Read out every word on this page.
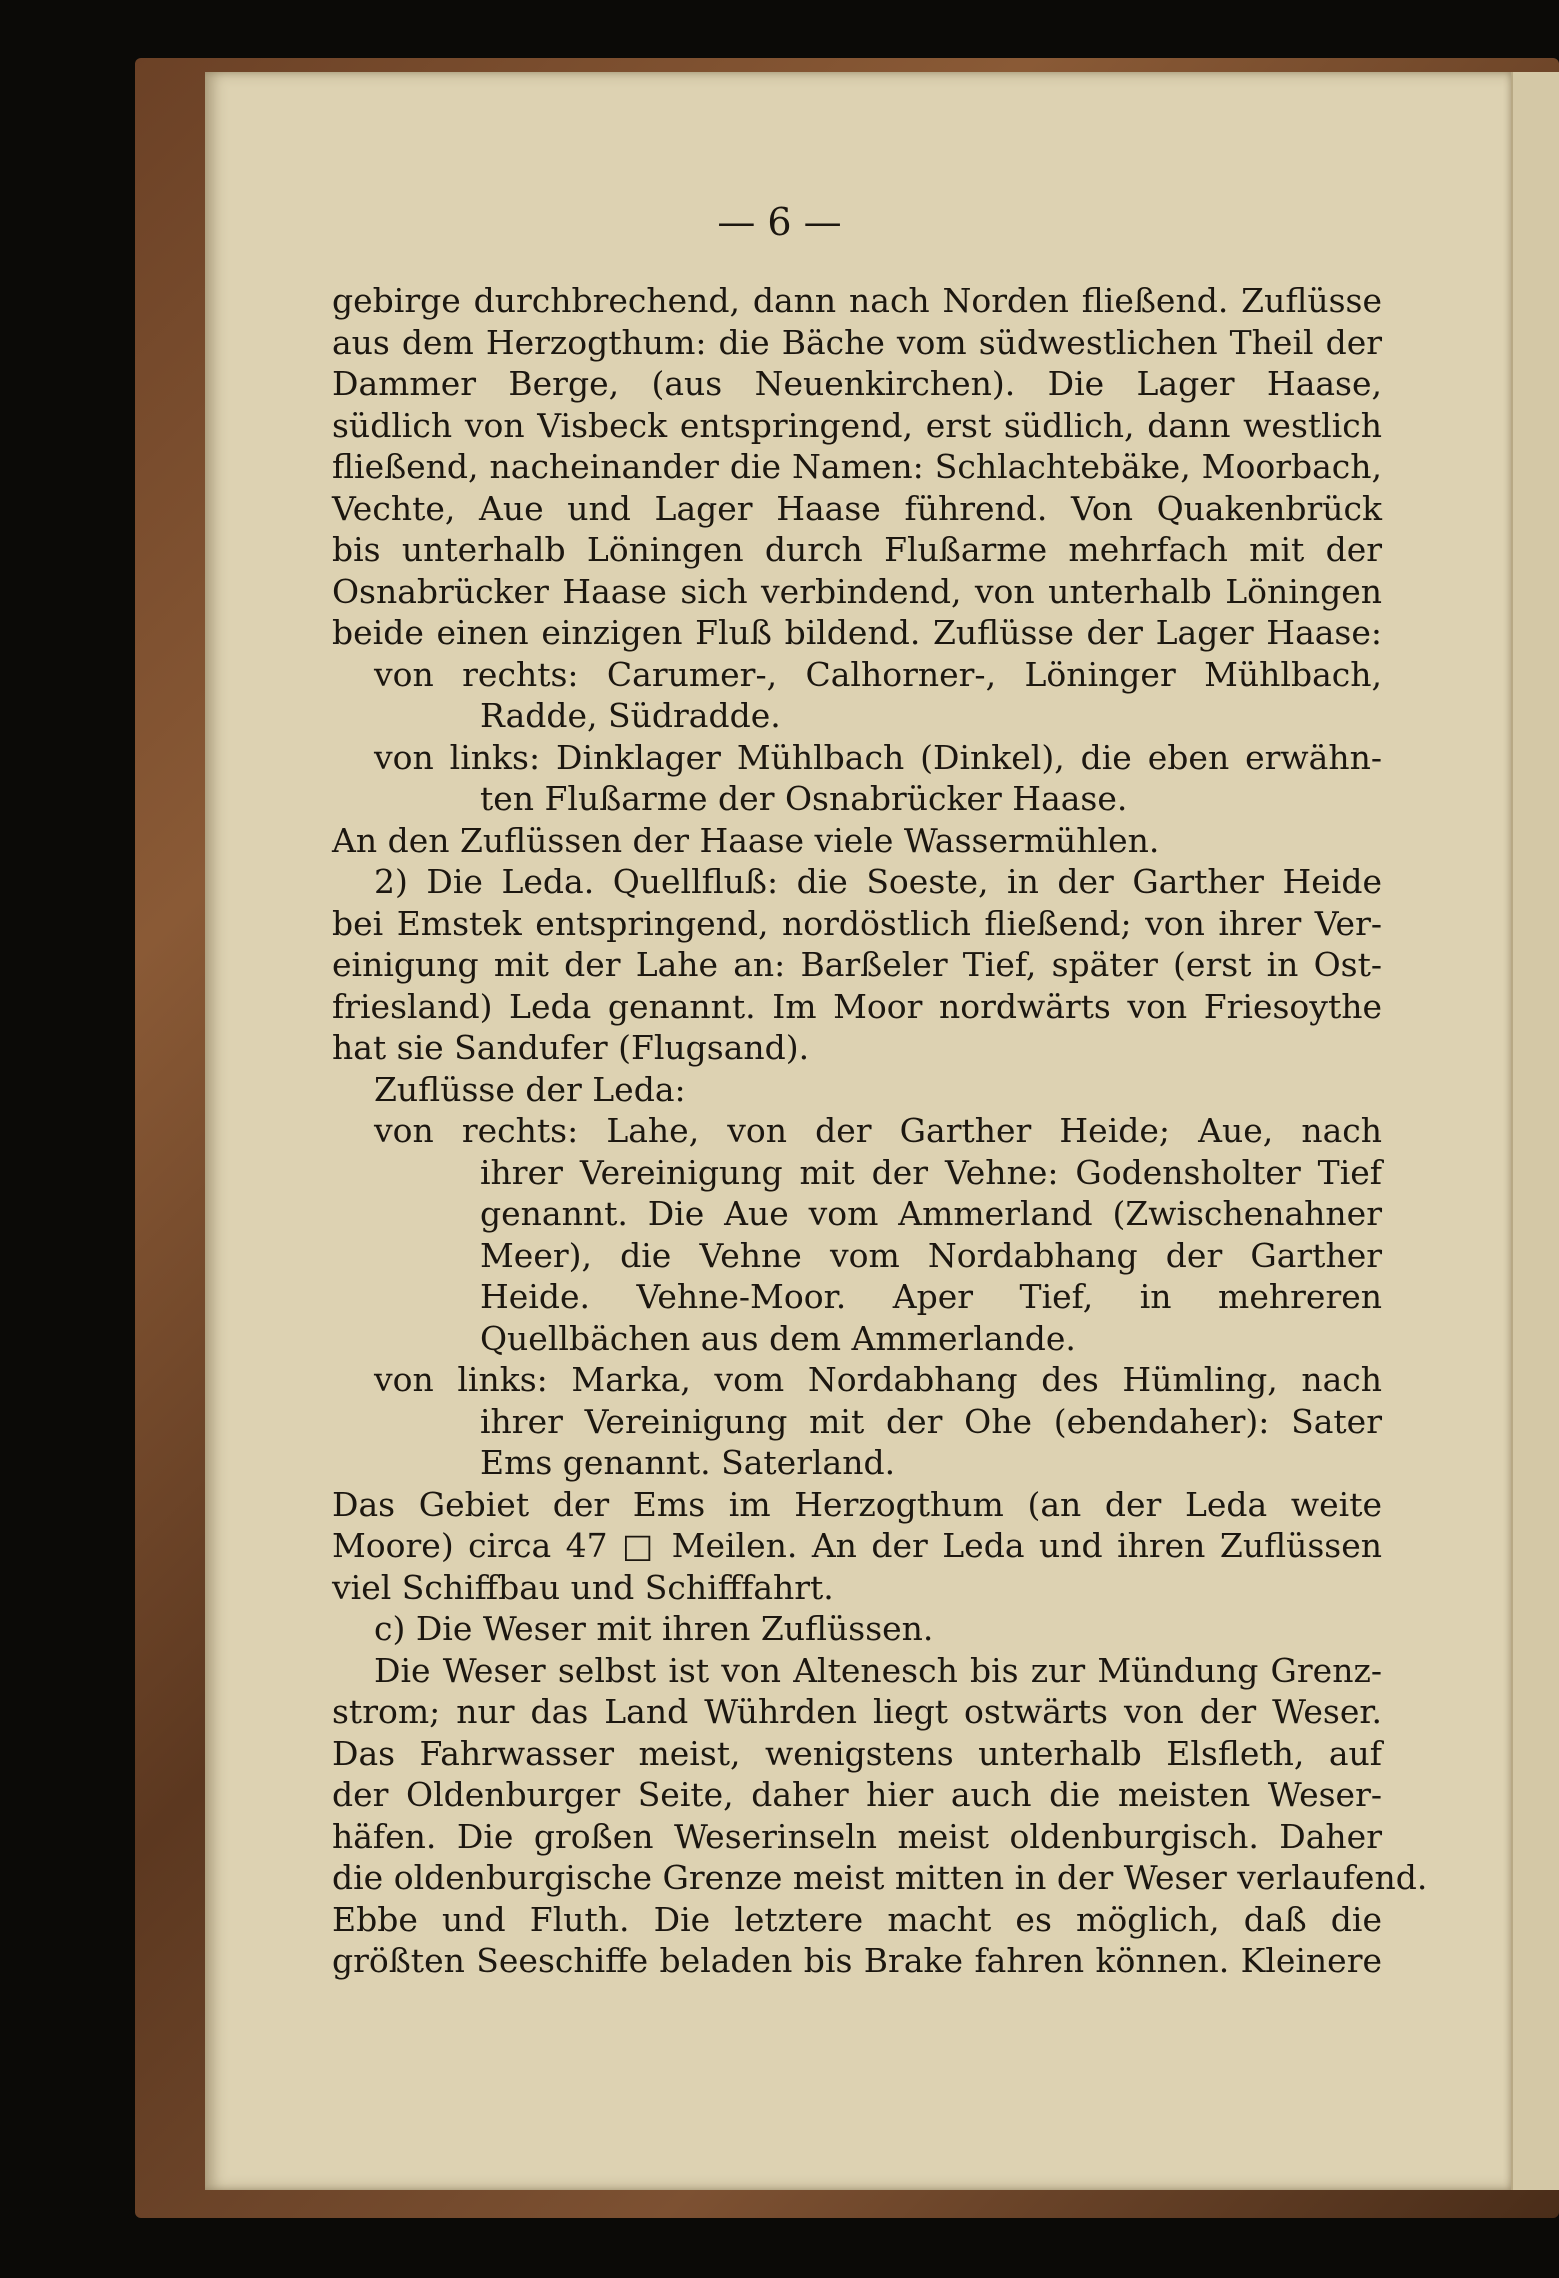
— 6 —
gebirge durchbrechend, dann nach Norden fließend. Zuflüsse
aus dem Herzogthum: die Bäche vom südwestlichen Theil der
Dammer Berge, (aus Neuenkirchen). Die Lager Haase,
südlich von Visbeck entspringend, erst südlich, dann westlich
fließend, nacheinander die Namen: Schlachtebäke, Moorbach,
Vechte, Aue und Lager Haase führend. Von Quakenbrück
bis unterhalb Löningen durch Flußarme mehrfach mit der
Osnabrücker Haase sich verbindend, von unterhalb Löningen
beide einen einzigen Fluß bildend. Zuflüsse der Lager Haase:
von rechts: Carumer-, Calhorner-, Löninger Mühlbach,
Radde, Südradde.
von links: Dinklager Mühlbach (Dinkel), die eben erwähn-
ten Flußarme der Osnabrücker Haase.
An den Zuflüssen der Haase viele Wassermühlen.
2) Die Leda. Quellfluß: die Soeste, in der Garther Heide
bei Emstek entspringend, nordöstlich fließend; von ihrer Ver-
einigung mit der Lahe an: Barßeler Tief, später (erst in Ost-
friesland) Leda genannt. Im Moor nordwärts von Friesoythe
hat sie Sandufer (Flugsand).
Zuflüsse der Leda:
von rechts: Lahe, von der Garther Heide; Aue, nach
ihrer Vereinigung mit der Vehne: Godensholter Tief
genannt. Die Aue vom Ammerland (Zwischenahner
Meer), die Vehne vom Nordabhang der Garther
Heide. Vehne-Moor. Aper Tief, in mehreren
Quellbächen aus dem Ammerlande.
von links: Marka, vom Nordabhang des Hümling, nach
ihrer Vereinigung mit der Ohe (ebendaher): Sater
Ems genannt. Saterland.
Das Gebiet der Ems im Herzogthum (an der Leda weite
Moore) circa 47 □ Meilen. An der Leda und ihren Zuflüssen
viel Schiffbau und Schifffahrt.
c) Die Weser mit ihren Zuflüssen.
Die Weser selbst ist von Altenesch bis zur Mündung Grenz-
strom; nur das Land Wührden liegt ostwärts von der Weser.
Das Fahrwasser meist, wenigstens unterhalb Elsfleth, auf
der Oldenburger Seite, daher hier auch die meisten Weser-
häfen. Die großen Weserinseln meist oldenburgisch. Daher
die oldenburgische Grenze meist mitten in der Weser verlaufend.
Ebbe und Fluth. Die letztere macht es möglich, daß die
größten Seeschiffe beladen bis Brake fahren können. Kleinere
